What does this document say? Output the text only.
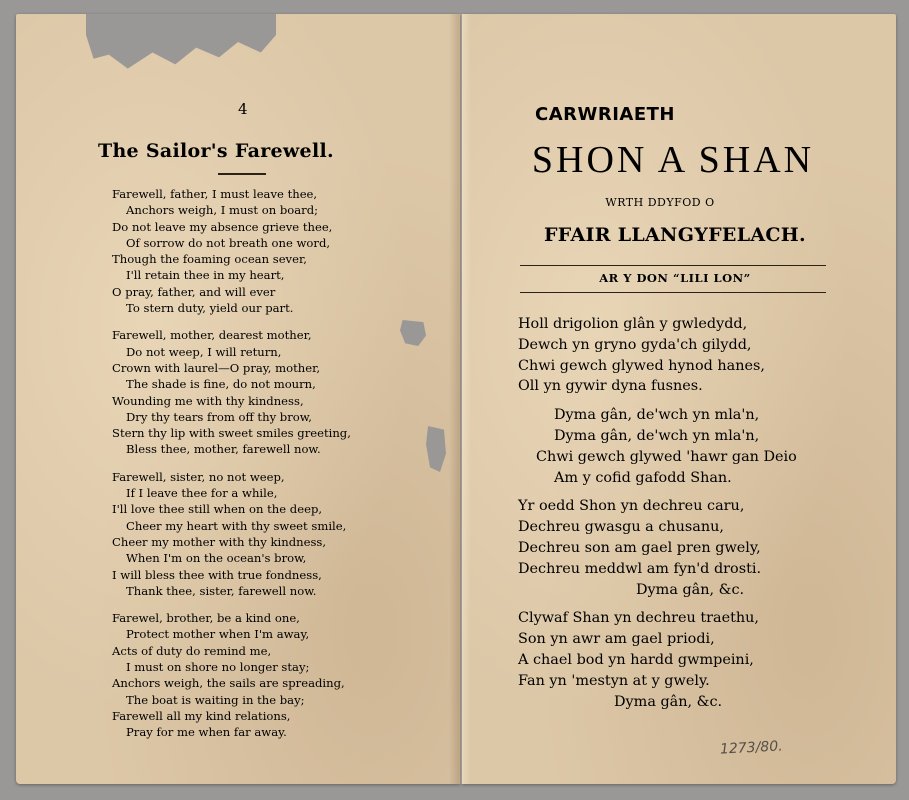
4
The Sailor's Farewell.
Farewell, father, I must leave thee,
Anchors weigh, I must on board;
Do not leave my absence grieve thee,
Of sorrow do not breath one word,
Though the foaming ocean sever,
I'll retain thee in my heart,
O pray, father, and will ever
To stern duty, yield our part.
Farewell, mother, dearest mother,
Do not weep, I will return,
Crown with laurel—O pray, mother,
The shade is fine, do not mourn,
Wounding me with thy kindness,
Dry thy tears from off thy brow,
Stern thy lip with sweet smiles greeting,
Bless thee, mother, farewell now.
Farewell, sister, no not weep,
If I leave thee for a while,
I'll love thee still when on the deep,
Cheer my heart with thy sweet smile,
Cheer my mother with thy kindness,
When I'm on the ocean's brow,
I will bless thee with true fondness,
Thank thee, sister, farewell now.
Farewel, brother, be a kind one,
Protect mother when I'm away,
Acts of duty do remind me,
I must on shore no longer stay;
Anchors weigh, the sails are spreading,
The boat is waiting in the bay;
Farewell all my kind relations,
Pray for me when far away.
CARWRIAETH
SHON A SHAN
WRTH DDYFOD O
FFAIR LLANGYFELACH.
AR Y DON “LILI LON”
Holl drigolion glân y gwledydd,
Dewch yn gryno gyda'ch gilydd,
Chwi gewch glywed hynod hanes,
Oll yn gywir dyna fusnes.
Dyma gân, de'wch yn mla'n,
Dyma gân, de'wch yn mla'n,
Chwi gewch glywed 'hawr gan Deio
Am y cofid gafodd Shan.
Yr oedd Shon yn dechreu caru,
Dechreu gwasgu a chusanu,
Dechreu son am gael pren gwely,
Dechreu meddwl am fyn'd drosti.
Dyma gân, &c.
Clywaf Shan yn dechreu traethu,
Son yn awr am gael priodi,
A chael bod yn hardd gwmpeini,
Fan yn 'mestyn at y gwely.
Dyma gân, &c.
1273/80.
